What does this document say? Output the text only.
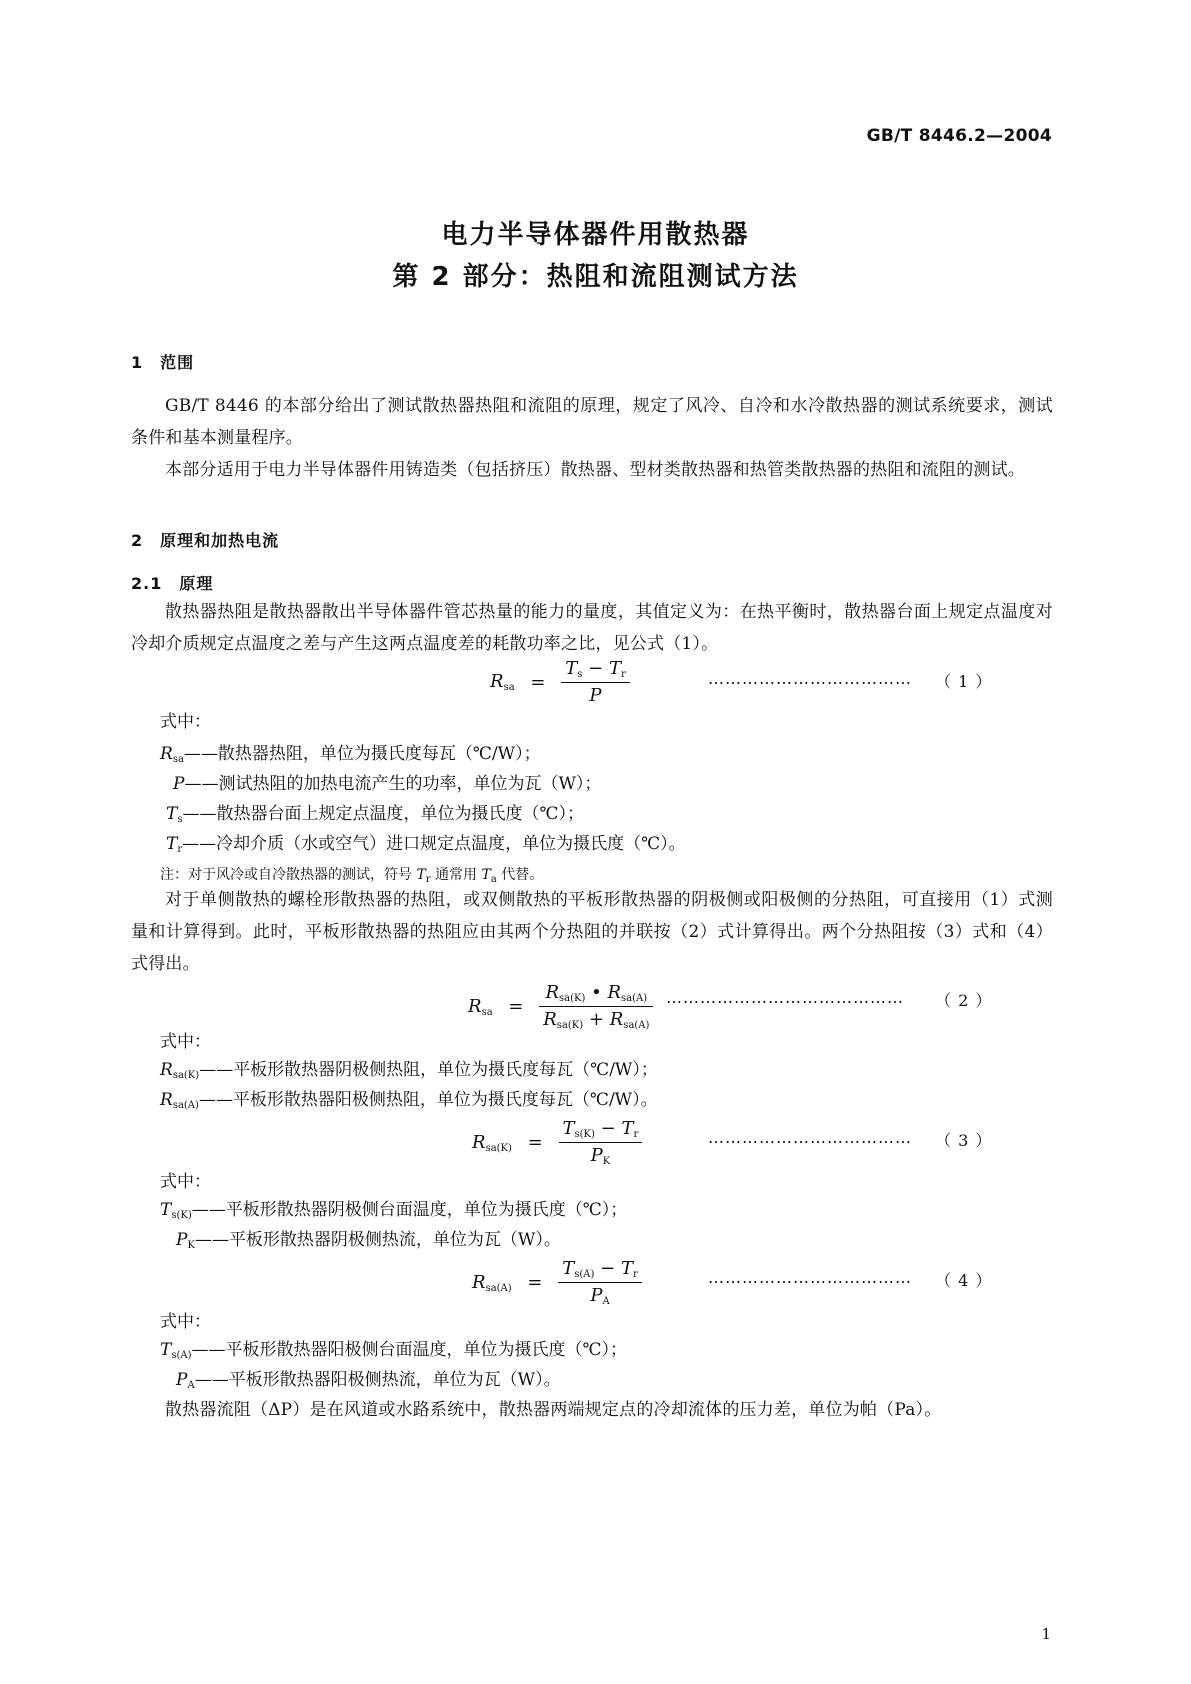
GB/T 8446.2—2004
电力半导体器件用散热器
第 2 部分：热阻和流阻测试方法
1　范围
GB/T 8446 的本部分给出了测试散热器热阻和流阻的原理，规定了风冷、自冷和水冷散热器的测试系统要求，测试条件和基本测量程序。
本部分适用于电力半导体器件用铸造类（包括挤压）散热器、型材类散热器和热管类散热器的热阻和流阻的测试。
2　原理和加热电流
2.1　原理
散热器热阻是散热器散出半导体器件管芯热量的能力的量度，其值定义为：在热平衡时，散热器台面上规定点温度对冷却介质规定点温度之差与产生这两点温度差的耗散功率之比，见公式（1）。
$R_{sa} = \frac{T_s - T_r}{P}$	……………………………… （ 1 ）
式中：
$R_{sa}——$散热器热阻，单位为摄氏度每瓦（℃/W）；
P——测试热阻的加热电流产生的功率，单位为瓦（W）；
$T_s——$散热器台面上规定点温度，单位为摄氏度（℃）；
$T_r——$冷却介质（水或空气）进口规定点温度，单位为摄氏度（℃）。
注：对于风冷或自冷散热器的测试，符号 $T_r$ 通常用 $T_a$ 代替。
对于单侧散热的螺栓形散热器的热阻，或双侧散热的平板形散热器的阴极侧或阳极侧的分热阻，可直接用（1）式测量和计算得到。此时，平板形散热器的热阻应由其两个分热阻的并联按（2）式计算得出。两个分热阻按（3）式和（4）式得出。
$R_{sa} = \frac{R_{sa(K)} • R_{sa(A)}}{R_{sa(K)} + R_{sa(A)}}$ …………………………………… （ 2 ）
式中：
$R_{sa(K)}——$平板形散热器阴极侧热阻，单位为摄氏度每瓦（℃/W）；
$R_{sa(A)}——$平板形散热器阳极侧热阻，单位为摄氏度每瓦（℃/W）。
$R_{sa(K)} = \frac{T_{s(K)} - T_r}{P_K}$	……………………………… （ 3 ）
式中：
$T_{s(K)}——$平板形散热器阴极侧台面温度，单位为摄氏度（℃）；
$P_K——$平板形散热器阴极侧热流，单位为瓦（W）。
$R_{sa(A)} = \frac{T_{s(A)} - T_r}{P_A}$	……………………………… （ 4 ）
式中：
$T_{s(A)}——$平板形散热器阳极侧台面温度，单位为摄氏度（℃）；
$P_A——$平板形散热器阳极侧热流，单位为瓦（W）。
散热器流阻（ΔP）是在风道或水路系统中，散热器两端规定点的冷却流体的压力差，单位为帕（Pa）。
1
